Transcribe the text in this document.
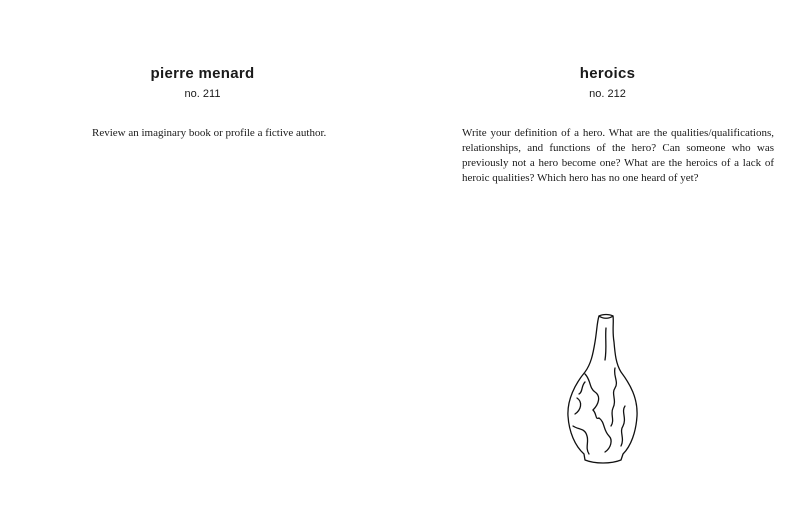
pierre menard
no. 211

Review an imaginary book or profile a fictive author.

heroics
no. 212

Write your definition of a hero. What are the qualities/qualifications, relationships, and functions of the hero? Can someone who was previously not a hero become one? What are the heroics of a lack of heroic qualities? Which hero has no one heard of yet?
